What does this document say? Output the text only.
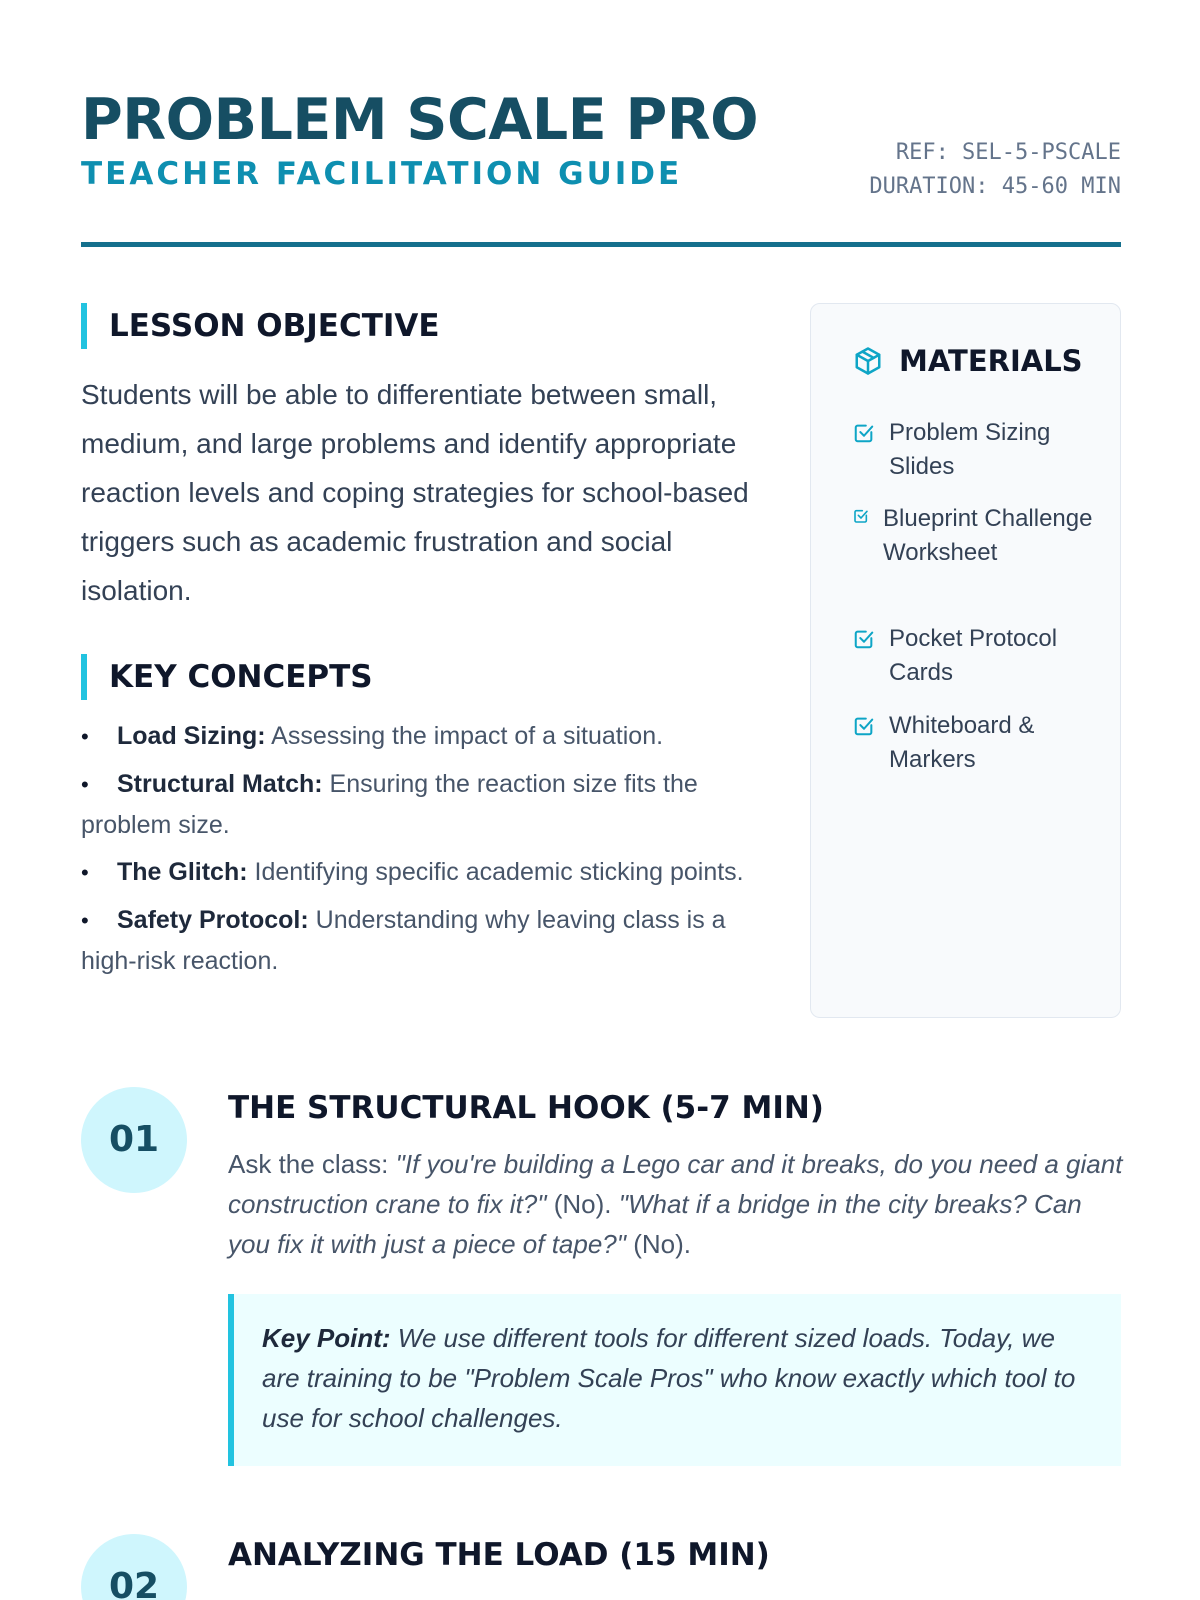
PROBLEM SCALE PRO
TEACHER FACILITATION GUIDE
REF: SEL-5-PSCALE
DURATION: 45-60 MIN
LESSON OBJECTIVE

Students will be able to differentiate between small, medium, and large problems and identify appropriate reaction levels and coping strategies for school-based triggers such as academic frustration and social isolation.

KEY CONCEPTS
• Load Sizing: Assessing the impact of a situation.
• Structural Match: Ensuring the reaction size fits the problem size.
• The Glitch: Identifying specific academic sticking points.
• Safety Protocol: Understanding why leaving class is a high-risk reaction.
MATERIALS
Problem Sizing Slides
Blueprint Challenge Worksheet
Pocket Protocol Cards
Whiteboard & Markers
01
THE STRUCTURAL HOOK (5-7 MIN)

Ask the class: "If you're building a Lego car and it breaks, do you need a giant construction crane to fix it?" (No). "What if a bridge in the city breaks? Can you fix it with just a piece of tape?" (No).

Key Point: We use different tools for different sized loads. Today, we are training to be "Problem Scale Pros" who know exactly which tool to use for school challenges.
02
ANALYZING THE LOAD (15 MIN)
